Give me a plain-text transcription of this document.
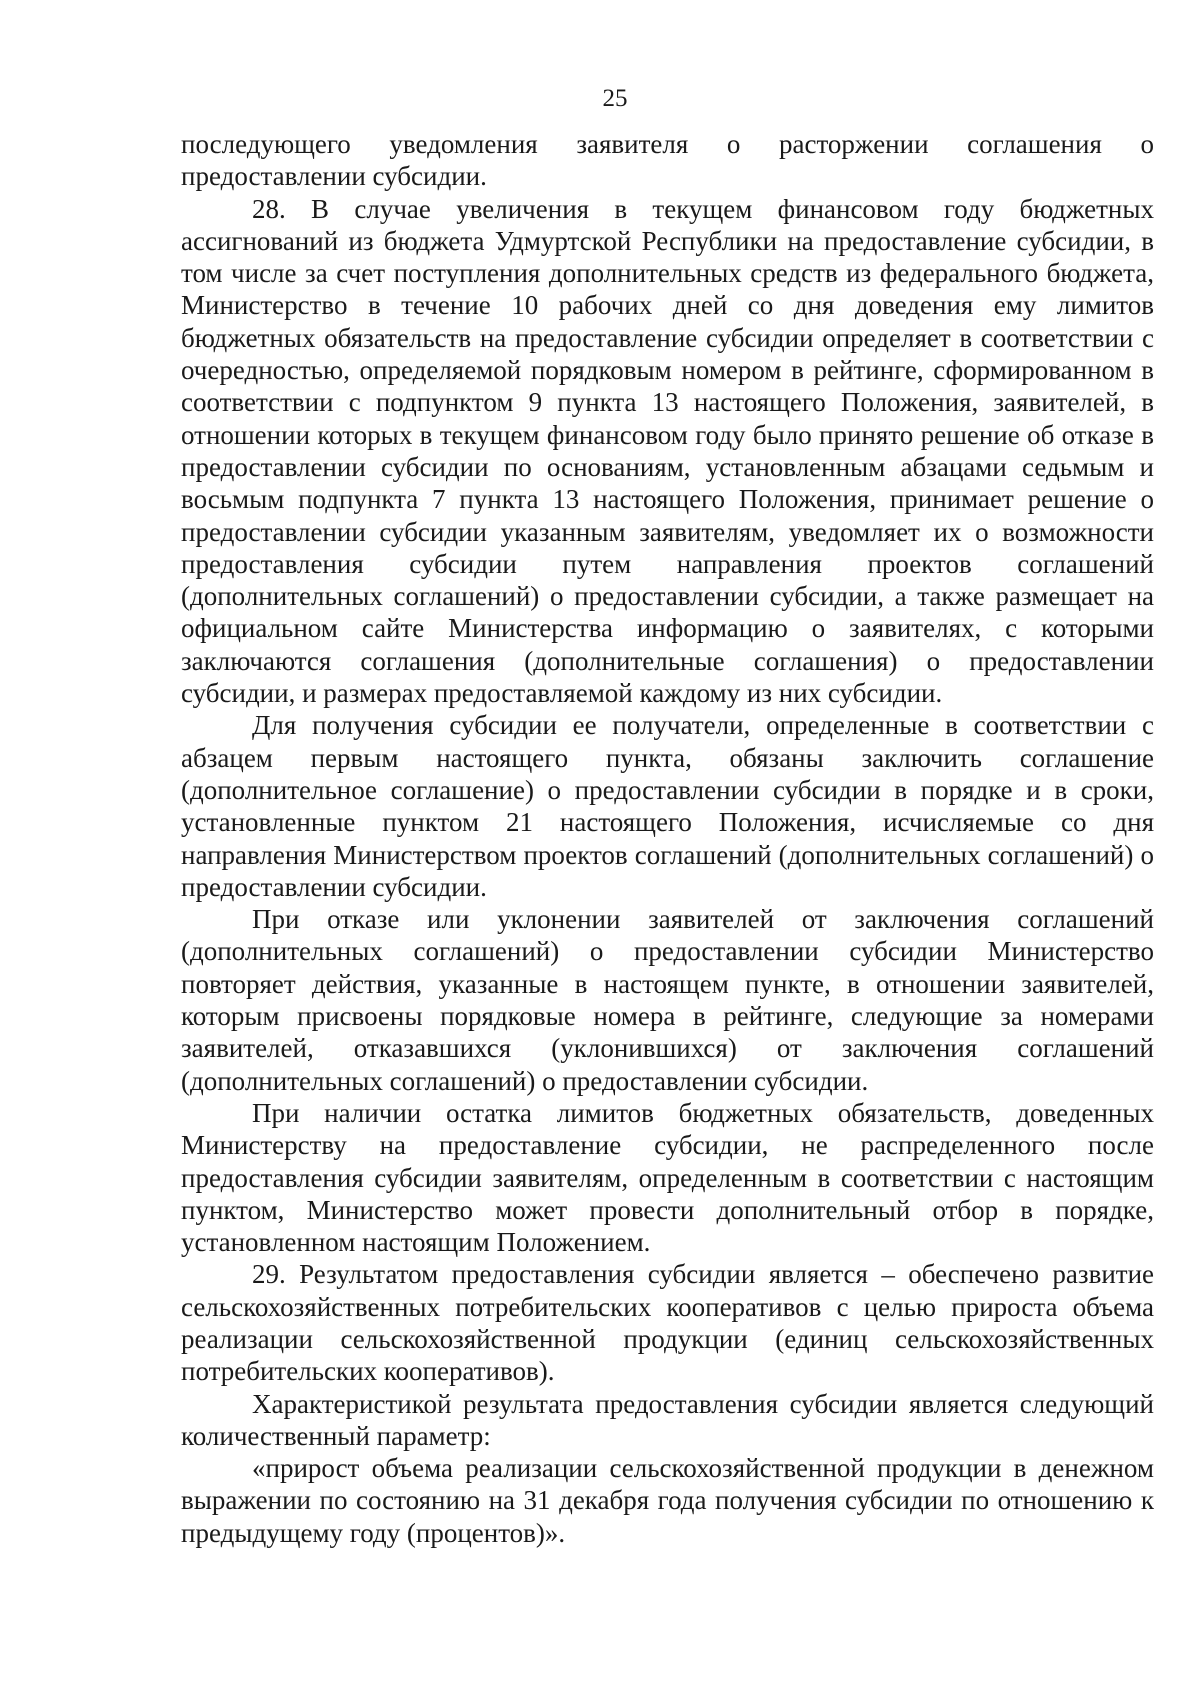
25

последующего уведомления заявителя о расторжении соглашения о предоставлении субсидии.

28. В случае увеличения в текущем финансовом году бюджетных ассигнований из бюджета Удмуртской Республики на предоставление субсидии, в том числе за счет поступления дополнительных средств из федерального бюджета, Министерство в течение 10 рабочих дней со дня доведения ему лимитов бюджетных обязательств на предоставление субсидии определяет в соответствии с очередностью, определяемой порядковым номером в рейтинге, сформированном в соответствии с подпунктом 9 пункта 13 настоящего Положения, заявителей, в отношении которых в текущем финансовом году было принято решение об отказе в предоставлении субсидии по основаниям, установленным абзацами седьмым и восьмым подпункта 7 пункта 13 настоящего Положения, принимает решение о предоставлении субсидии указанным заявителям, уведомляет их о возможности предоставления субсидии путем направления проектов соглашений (дополнительных соглашений) о предоставлении субсидии, а также размещает на официальном сайте Министерства информацию о заявителях, с которыми заключаются соглашения (дополнительные соглашения) о предоставлении субсидии, и размерах предоставляемой каждому из них субсидии.

Для получения субсидии ее получатели, определенные в соответствии с абзацем первым настоящего пункта, обязаны заключить соглашение (дополнительное соглашение) о предоставлении субсидии в порядке и в сроки, установленные пунктом 21 настоящего Положения, исчисляемые со дня направления Министерством проектов соглашений (дополнительных соглашений) о предоставлении субсидии.

При отказе или уклонении заявителей от заключения соглашений (дополнительных соглашений) о предоставлении субсидии Министерство повторяет действия, указанные в настоящем пункте, в отношении заявителей, которым присвоены порядковые номера в рейтинге, следующие за номерами заявителей, отказавшихся (уклонившихся) от заключения соглашений (дополнительных соглашений) о предоставлении субсидии.

При наличии остатка лимитов бюджетных обязательств, доведенных Министерству на предоставление субсидии, не распределенного после предоставления субсидии заявителям, определенным в соответствии с настоящим пунктом, Министерство может провести дополнительный отбор в порядке, установленном настоящим Положением.

29. Результатом предоставления субсидии является – обеспечено развитие сельскохозяйственных потребительских кооперативов с целью прироста объема реализации сельскохозяйственной продукции (единиц сельскохозяйственных потребительских кооперативов).

Характеристикой результата предоставления субсидии является следующий количественный параметр:

«прирост объема реализации сельскохозяйственной продукции в денежном выражении по состоянию на 31 декабря года получения субсидии по отношению к предыдущему году (процентов)».
